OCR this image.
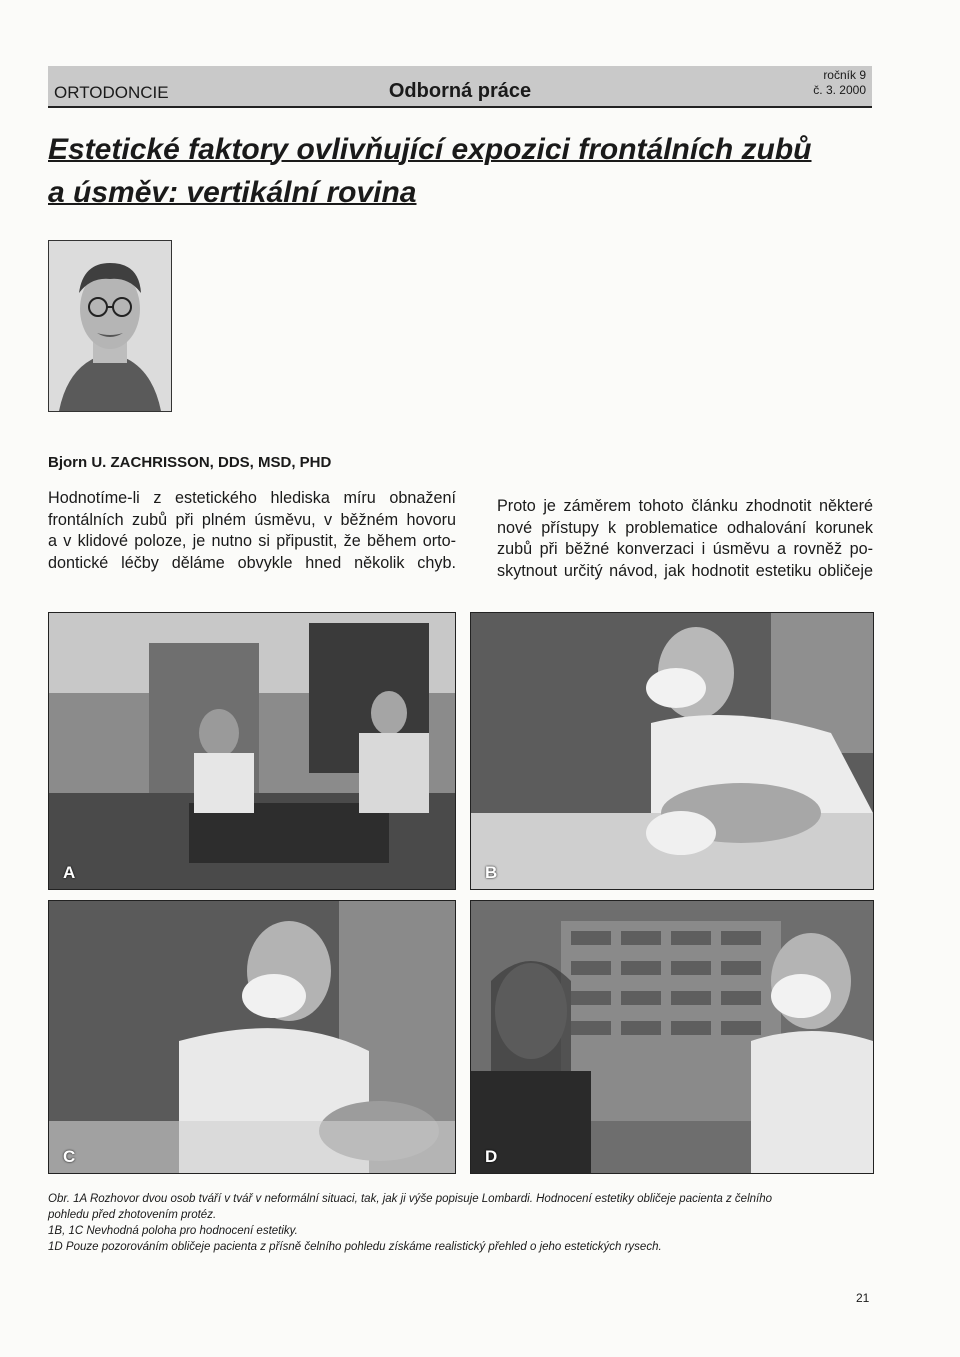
ORTODONCIE	Odborná práce
ročník 9
č. 3. 2000
Estetické faktory ovlivňující expozici frontálních zubů
a úsměv: vertikální rovina
Bjorn U. ZACHRISSON, DDS, MSD, PHD
Hodnotíme-li z estetického hlediska míru obnažení
frontálních zubů při plném úsměvu, v běžném hovoru
a v klidové poloze, je nutno si připustit, že během orto-
dontické léčby děláme obvykle hned několik chyb.
Proto je záměrem tohoto článku zhodnotit některé
nové přístupy k problematice odhalování korunek
zubů při běžné konverzaci i úsměvu a rovněž po-
skytnout určitý návod, jak hodnotit estetiku obličeje
A	B
C	D
Obr. 1A Rozhovor dvou osob tváří v tvář v neformální situaci, tak, jak ji výše popisuje Lombardi. Hodnocení estetiky obličeje pacienta z čelního
pohledu před zhotovením protéz.
1B, 1C Nevhodná poloha pro hodnocení estetiky.
1D Pouze pozorováním obličeje pacienta z přísně čelního pohledu získáme realistický přehled o jeho estetických rysech.
21
